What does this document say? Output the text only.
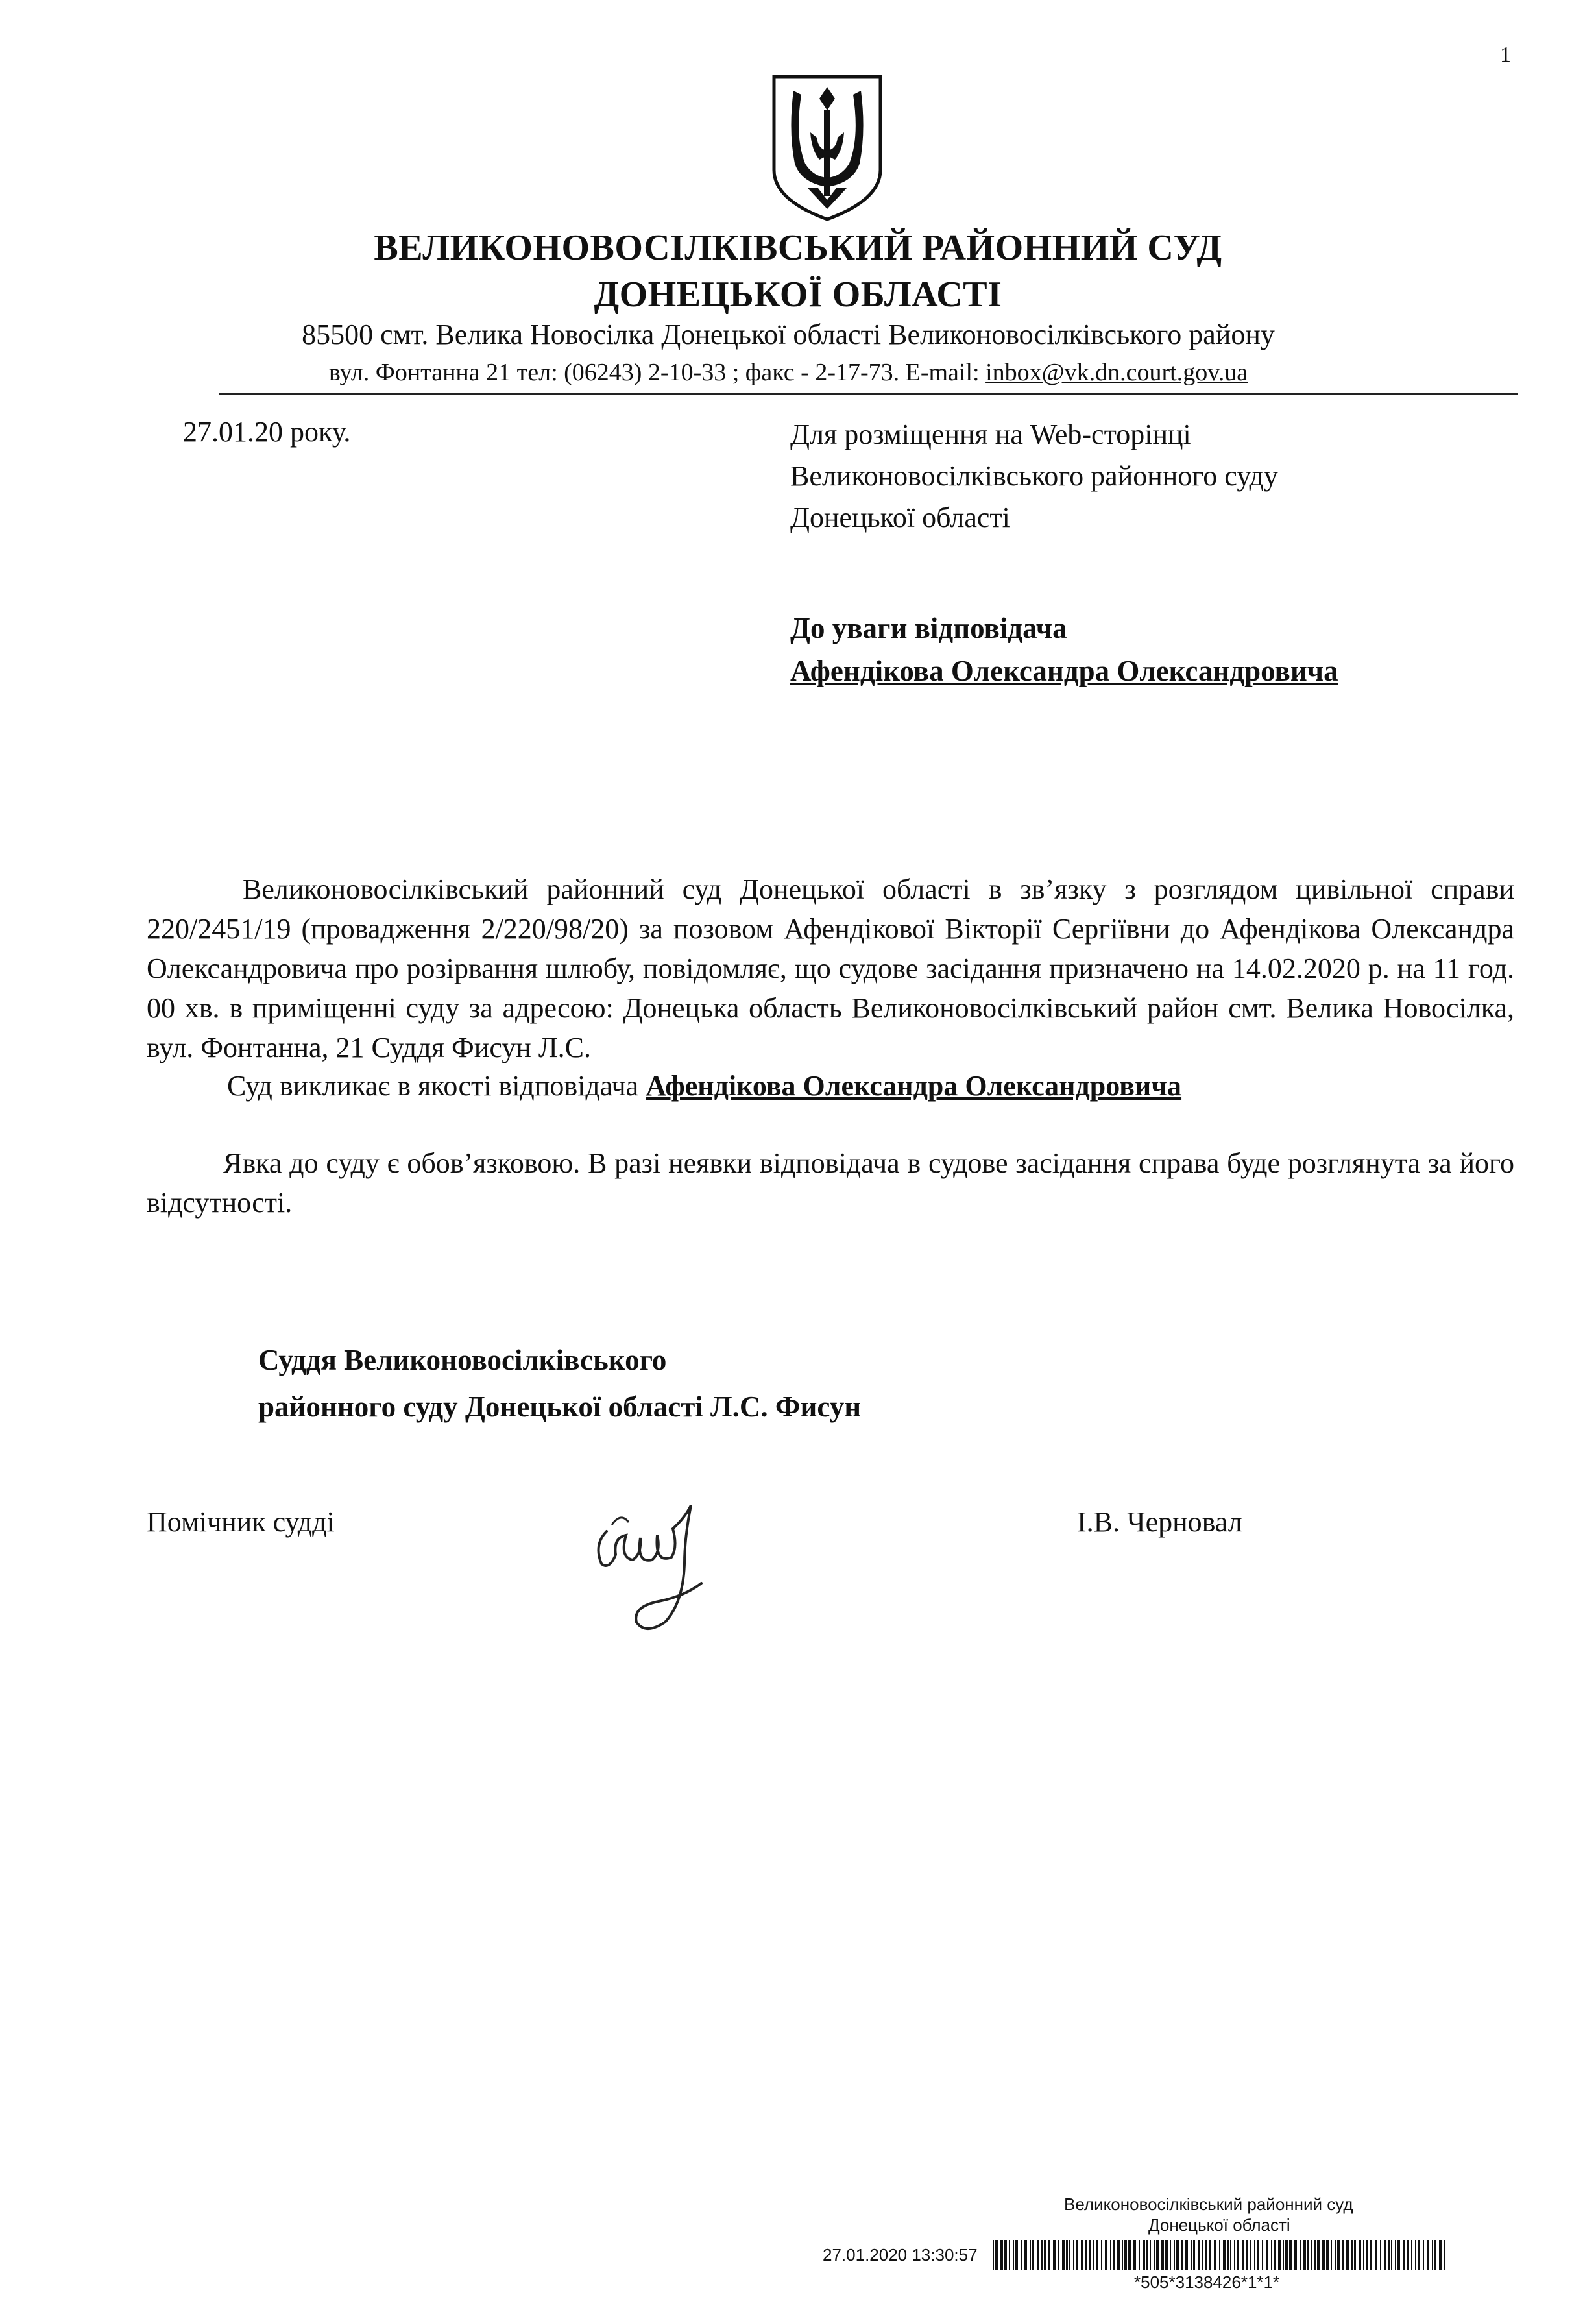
1
ВЕЛИКОНОВОСІЛКІВСЬКИЙ РАЙОННИЙ СУД
ДОНЕЦЬКОЇ ОБЛАСТІ
85500 смт. Велика Новосілка Донецької області Великоновосілківського району
вул. Фонтанна 21 тел: (06243) 2-10-33 ; факс - 2-17-73. E-mail: inbox@vk.dn.court.gov.ua
27.01.20 року.	Для розміщення на Web-сторінці
Великоновосілківського районного суду
Донецької області
До уваги відповідача
Афендікова Олександра Олександровича
Великоновосілківський районний суд Донецької області в зв’язку з розглядом цивільної справи 220/2451/19 (провадження 2/220/98/20) за позовом Афендікової Вікторії Сергіївни до Афендікова Олександра Олександровича про розірвання шлюбу, повідомляє, що судове засідання призначено на 14.02.2020 р. на 11 год. 00 хв. в приміщенні суду за адресою: Донецька область Великоновосілківський район смт. Велика Новосілка, вул. Фонтанна, 21 Суддя Фисун Л.С.
Суд викликає в якості відповідача Афендікова Олександра Олександровича
Явка до суду є обов’язковою. В разі неявки відповідача в судове засідання справа буде розглянута за його відсутності.
Суддя Великоновосілківського
районного суду Донецької області Л.С. Фисун
Помічник судді	І.В. Черновал
Великоновосілківський районний суд
Донецької області
27.01.2020 13:30:57
*505*3138426*1*1*
